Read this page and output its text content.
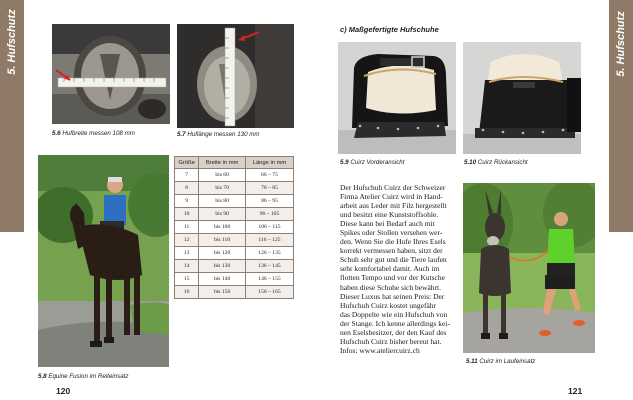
5. Hufschutz	5. Hufschutz
5.6 Hufbreite messen 108 mm	5.7 Huflänge messen 130 mm
5.8 Equine Fusion im Reiteinsatz
Größe	Breite in mm	Länge in mm
7	bis 60	66 – 75
8	bis 70	76 – 85
9	bis 80	86 – 95
10	bis 90	96 – 105
11	bis 100	106 – 115
12	bis 110	116 – 125
13	bis 120	126 – 135
14	bis 130	136 – 145
15	bis 140	146 – 155
16	bis 150	156 – 165
c) Maßgefertigte Hufschuhe
5.9 Cuirz Vorderansicht	5.10 Cuirz Rückansicht

Der Hufschuh Cuirz der Schweizer

Firma Atelier Cuirz wird in Hand-

arbeit aus Leder mit Filz hergestellt

und besitzt eine Kunststoffsohle.

Diese kann bei Bedarf auch mit

Spikes oder Stollen versehen wer-

den. Wenn Sie die Hufe Ihres Esels

korrekt vermessen haben, sitzt der

Schuh sehr gut und die Tiere laufen

sehr komfortabel damit. Auch im

flotten Tempo und vor der Kutsche

haben diese Schuhe sich bewährt.

Dieser Luxus hat seinen Preis: Der

Hufschuh Cuirz kostet ungefähr

das Doppelte wie ein Hufschuh von

der Stange. Ich kenne allerdings kei-

nen Eselsbesitzer, der den Kauf des

Hufschuh Cuirz bisher bereut hat.

Infos: www.ateliercuirz.ch

5.11 Cuirz im Laufeinsatz
120	121
